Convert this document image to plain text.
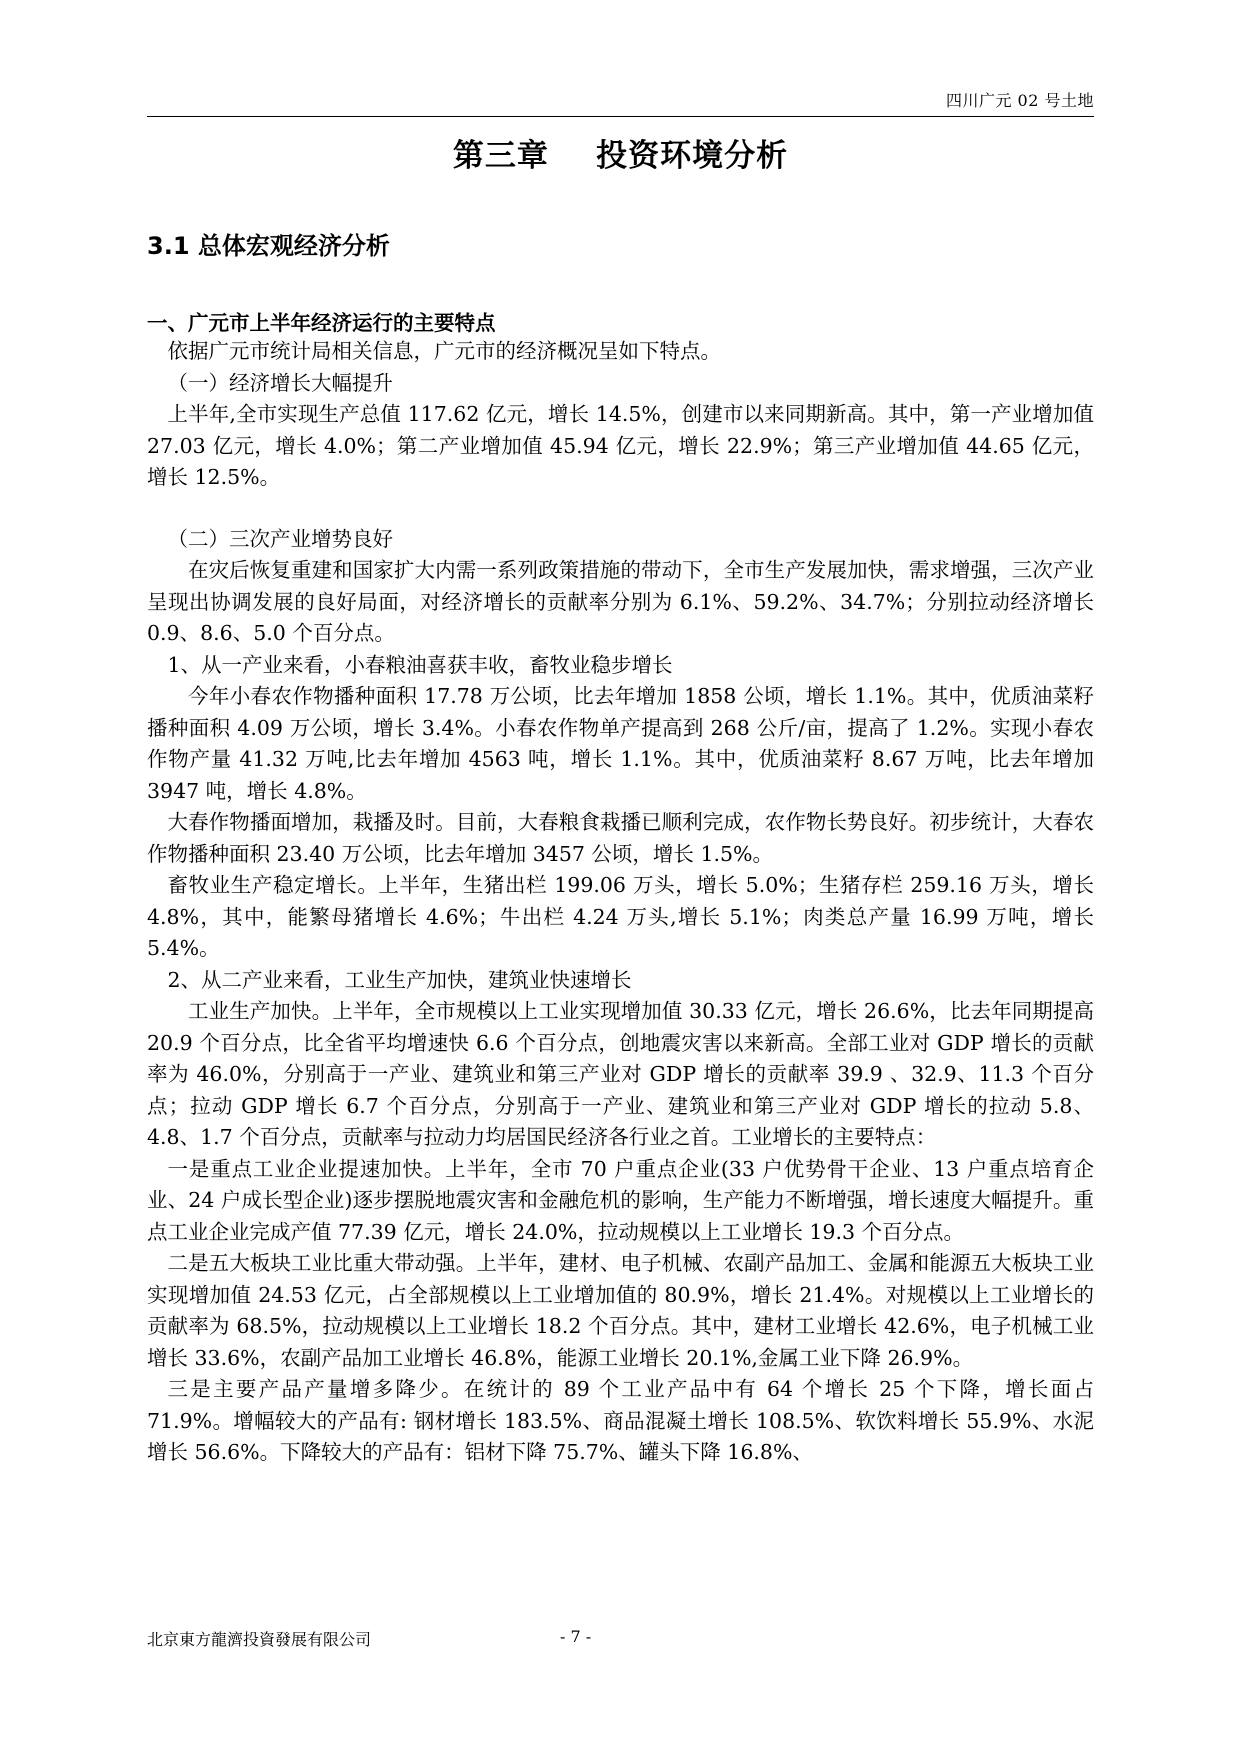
四川广元 02 号土地
第三章    投资环境分析
3.1 总体宏观经济分析
一、广元市上半年经济运行的主要特点

依据广元市统计局相关信息，广元市的经济概况呈如下特点。

（一）经济增长大幅提升

上半年,全市实现生产总值 117.62 亿元，增长 14.5%，创建市以来同期新高。其中，第一产业增加值 27.03 亿元，增长 4.0%；第二产业增加值 45.94 亿元，增长 22.9%；第三产业增加值 44.65 亿元，增长 12.5%。

（二）三次产业增势良好

在灾后恢复重建和国家扩大内需一系列政策措施的带动下，全市生产发展加快，需求增强，三次产业呈现出协调发展的良好局面，对经济增长的贡献率分别为 6.1%、59.2%、34.7%；分别拉动经济增长 0.9、8.6、5.0 个百分点。

1、从一产业来看，小春粮油喜获丰收，畜牧业稳步增长

今年小春农作物播种面积 17.78 万公顷，比去年增加 1858 公顷，增长 1.1%。其中，优质油菜籽播种面积 4.09 万公顷，增长 3.4%。小春农作物单产提高到 268 公斤/亩，提高了 1.2%。实现小春农作物产量 41.32 万吨,比去年增加 4563 吨，增长 1.1%。其中，优质油菜籽 8.67 万吨，比去年增加 3947 吨，增长 4.8%。

大春作物播面增加，栽播及时。目前，大春粮食栽播已顺利完成，农作物长势良好。初步统计，大春农作物播种面积 23.40 万公顷，比去年增加 3457 公顷，增长 1.5%。

畜牧业生产稳定增长。上半年，生猪出栏 199.06 万头，增长 5.0%；生猪存栏 259.16 万头，增长 4.8%，其中，能繁母猪增长 4.6%；牛出栏 4.24 万头,增长 5.1%；肉类总产量 16.99 万吨，增长 5.4%。

2、从二产业来看，工业生产加快，建筑业快速增长

工业生产加快。上半年，全市规模以上工业实现增加值 30.33 亿元，增长 26.6%，比去年同期提高 20.9 个百分点，比全省平均增速快 6.6 个百分点，创地震灾害以来新高。全部工业对 GDP 增长的贡献率为 46.0%，分别高于一产业、建筑业和第三产业对 GDP 增长的贡献率 39.9 、32.9、11.3 个百分点；拉动 GDP 增长 6.7 个百分点，分别高于一产业、建筑业和第三产业对 GDP 增长的拉动 5.8、4.8、1.7 个百分点，贡献率与拉动力均居国民经济各行业之首。工业增长的主要特点：

一是重点工业企业提速加快。上半年，全市 70 户重点企业(33 户优势骨干企业、13 户重点培育企业、24 户成长型企业)逐步摆脱地震灾害和金融危机的影响，生产能力不断增强，增长速度大幅提升。重点工业企业完成产值 77.39 亿元，增长 24.0%，拉动规模以上工业增长 19.3 个百分点。

二是五大板块工业比重大带动强。上半年，建材、电子机械、农副产品加工、金属和能源五大板块工业实现增加值 24.53 亿元，占全部规模以上工业增加值的 80.9%，增长 21.4%。对规模以上工业增长的贡献率为 68.5%，拉动规模以上工业增长 18.2 个百分点。其中，建材工业增长 42.6%，电子机械工业增长 33.6%，农副产品加工业增长 46.8%，能源工业增长 20.1%,金属工业下降 26.9%。

三是主要产品产量增多降少。在统计的 89 个工业产品中有 64 个增长 25 个下降，增长面占 71.9%。增幅较大的产品有: 钢材增长 183.5%、商品混凝土增长 108.5%、软饮料增长 55.9%、水泥增长 56.6%。下降较大的产品有：铝材下降 75.7%、罐头下降 16.8%、

北京東方龍濟投資發展有限公司	- 7 -
